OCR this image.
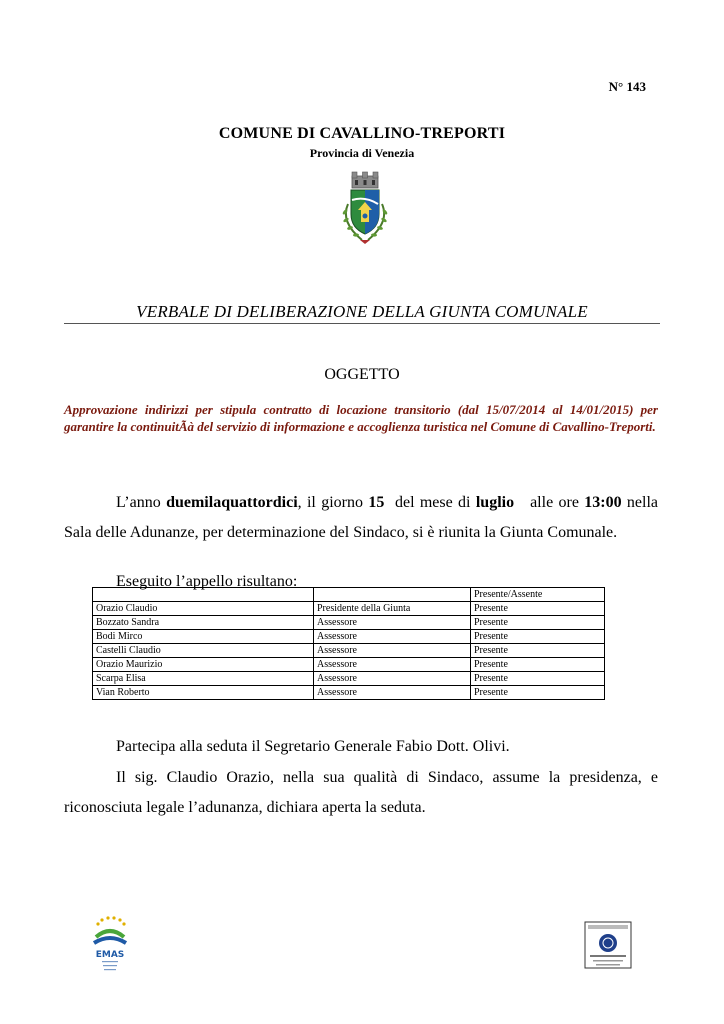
N° 143
COMUNE DI CAVALLINO-TREPORTI
Provincia di Venezia
VERBALE DI DELIBERAZIONE DELLA GIUNTA COMUNALE
OGGETTO
Approvazione indirizzi per stipula contratto di locazione transitorio (dal 15/07/2014 al 14/01/2015) per garantire la continuitÃà del servizio di informazione e accoglienza turistica nel Comune di Cavallino-Treporti.
L’anno duemilaquattordici, il giorno 15  del mese di luglio   alle ore 13:00 nella Sala delle Adunanze, per determinazione del Sindaco, si è riunita la Giunta Comunale.
Eseguito l’appello risultano:
		Presente/Assente
Orazio Claudio	Presidente della Giunta	Presente
Bozzato Sandra	Assessore	Presente
Bodi Mirco	Assessore	Presente
Castelli Claudio	Assessore	Presente
Orazio Maurizio	Assessore	Presente
Scarpa Elisa	Assessore	Presente
Vian Roberto	Assessore	Presente
Partecipa alla seduta il Segretario Generale Fabio Dott. Olivi.
Il sig. Claudio Orazio, nella sua qualità di Sindaco, assume la presidenza, e riconosciuta legale l’adunanza, dichiara aperta la seduta.
EMAS
